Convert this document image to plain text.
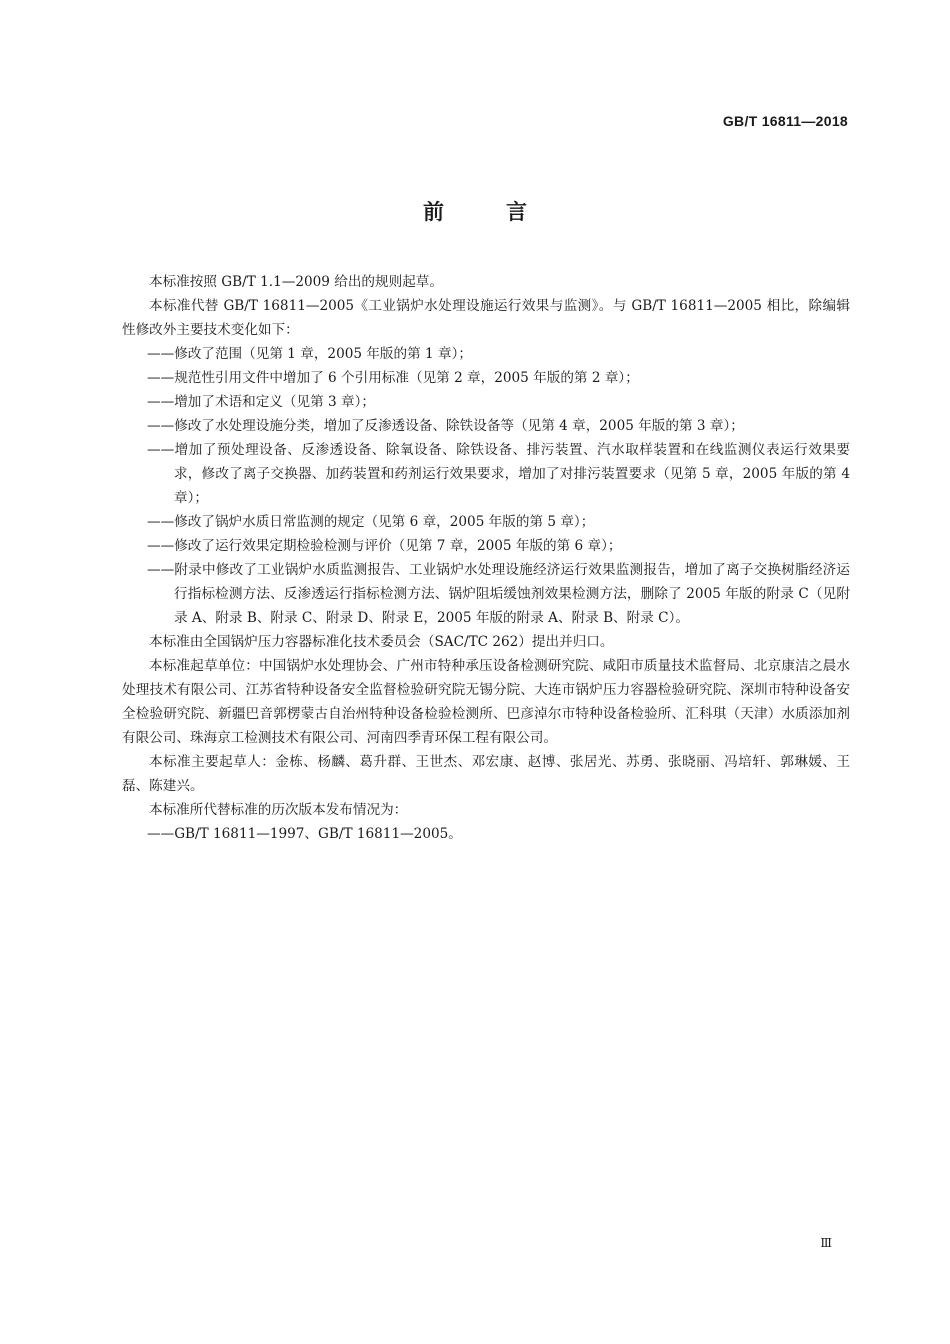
GB/T 16811—2018
前言

本标准按照 GB/T 1.1—2009 给出的规则起草。

本标准代替 GB/T 16811—2005《工业锅炉水处理设施运行效果与监测》。与 GB/T 16811—2005 相比，除编辑性修改外主要技术变化如下：

——修改了范围（见第 1 章，2005 年版的第 1 章）；

——规范性引用文件中增加了 6 个引用标准（见第 2 章，2005 年版的第 2 章）；

——增加了术语和定义（见第 3 章）；

——修改了水处理设施分类，增加了反渗透设备、除铁设备等（见第 4 章，2005 年版的第 3 章）；

——增加了预处理设备、反渗透设备、除氧设备、除铁设备、排污装置、汽水取样装置和在线监测仪表运行效果要求，修改了离子交换器、加药装置和药剂运行效果要求，增加了对排污装置要求（见第 5 章，2005 年版的第 4 章）；

——修改了锅炉水质日常监测的规定（见第 6 章，2005 年版的第 5 章）；

——修改了运行效果定期检验检测与评价（见第 7 章，2005 年版的第 6 章）；

——附录中修改了工业锅炉水质监测报告、工业锅炉水处理设施经济运行效果监测报告，增加了离子交换树脂经济运行指标检测方法、反渗透运行指标检测方法、锅炉阻垢缓蚀剂效果检测方法，删除了 2005 年版的附录 C（见附录 A、附录 B、附录 C、附录 D、附录 E，2005 年版的附录 A、附录 B、附录 C）。

本标准由全国锅炉压力容器标准化技术委员会（SAC/TC 262）提出并归口。

本标准起草单位：中国锅炉水处理协会、广州市特种承压设备检测研究院、咸阳市质量技术监督局、北京康洁之晨水处理技术有限公司、江苏省特种设备安全监督检验研究院无锡分院、大连市锅炉压力容器检验研究院、深圳市特种设备安全检验研究院、新疆巴音郭楞蒙古自治州特种设备检验检测所、巴彦淖尔市特种设备检验所、汇科琪（天津）水质添加剂有限公司、珠海京工检测技术有限公司、河南四季青环保工程有限公司。

本标准主要起草人：金栋、杨麟、葛升群、王世杰、邓宏康、赵博、张居光、苏勇、张晓丽、冯培轩、郭琳媛、王磊、陈建兴。

本标准所代替标准的历次版本发布情况为：

——GB/T 16811—1997、GB/T 16811—2005。

Ⅲ
